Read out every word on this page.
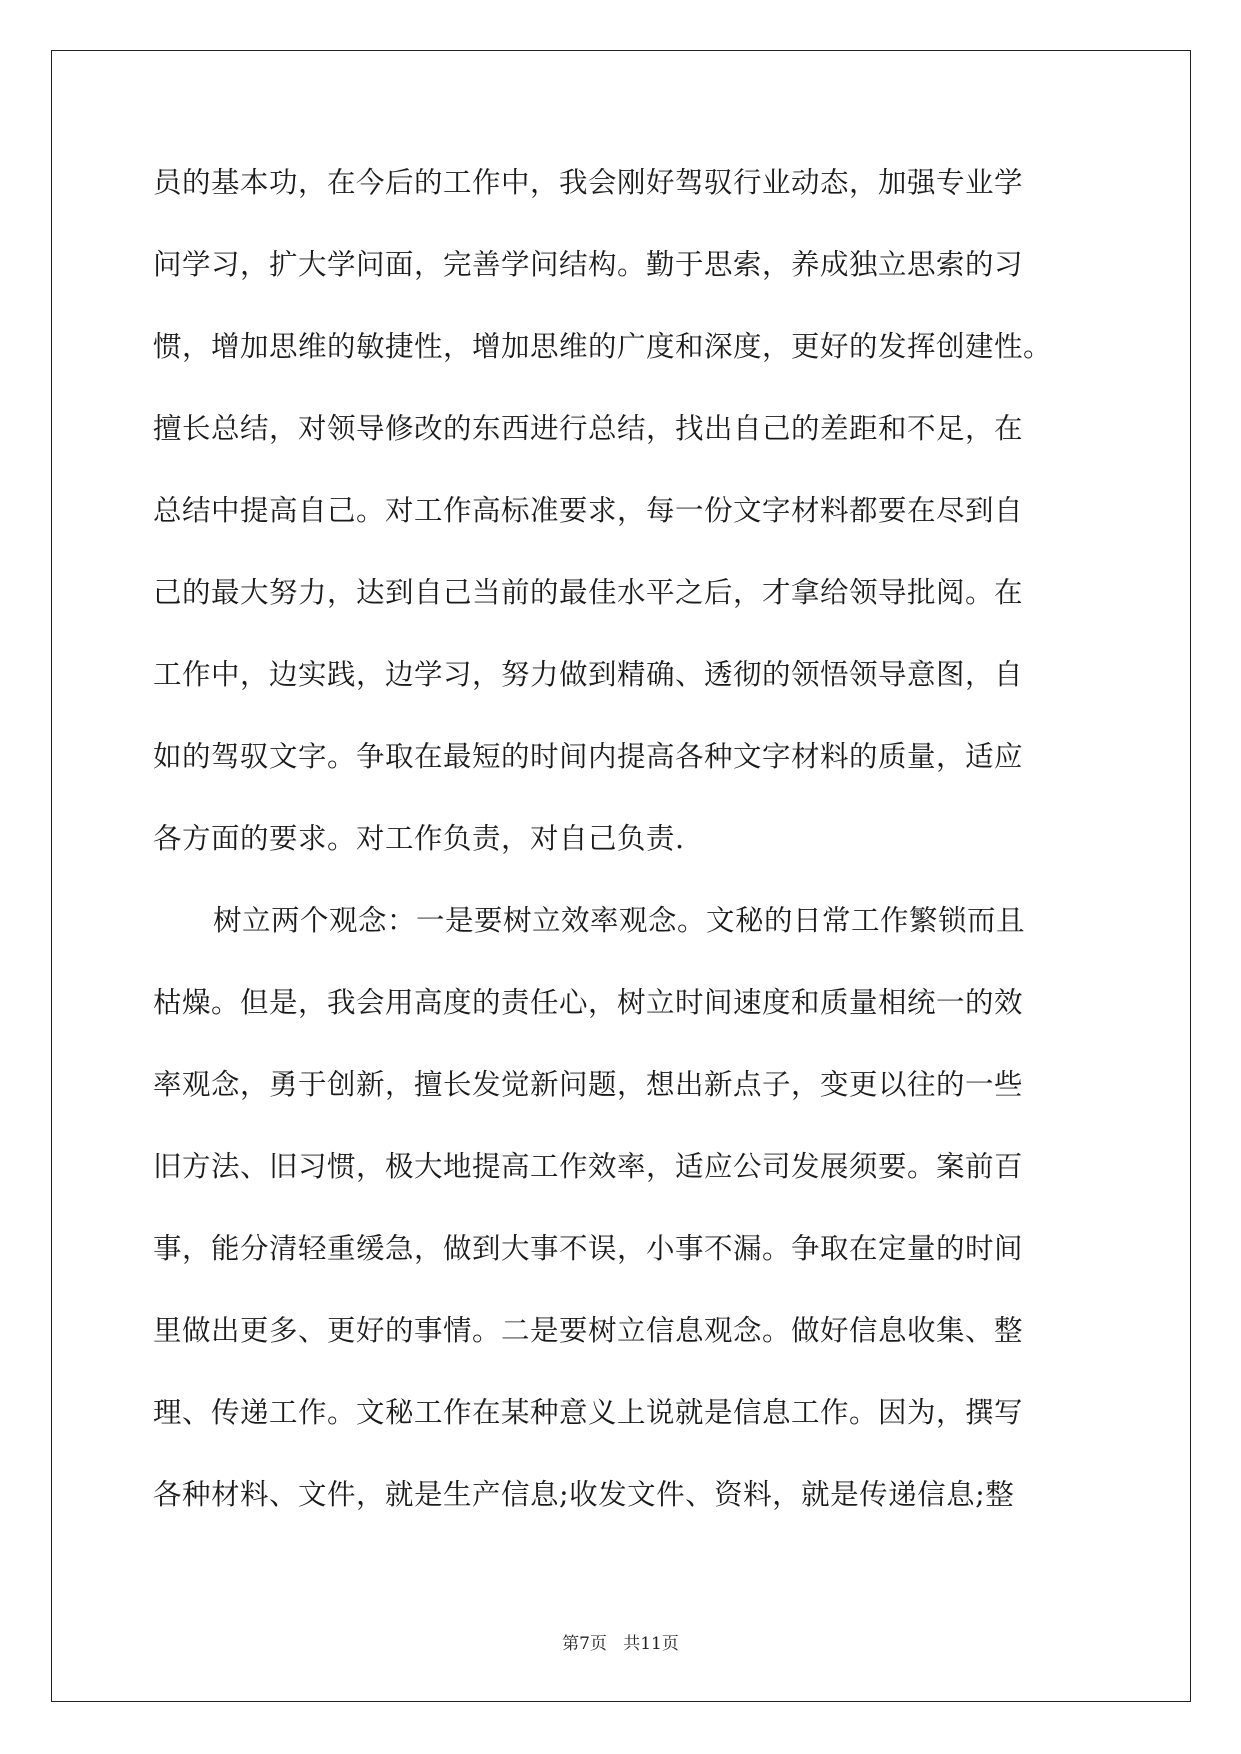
员的基本功，在今后的工作中，我会刚好驾驭行业动态，加强专业学
问学习，扩大学问面，完善学问结构。勤于思索，养成独立思索的习
惯，增加思维的敏捷性，增加思维的广度和深度，更好的发挥创建性。
擅长总结，对领导修改的东西进行总结，找出自己的差距和不足，在
总结中提高自己。对工作高标准要求，每一份文字材料都要在尽到自
己的最大努力，达到自己当前的最佳水平之后，才拿给领导批阅。在
工作中，边实践，边学习，努力做到精确、透彻的领悟领导意图，自
如的驾驭文字。争取在最短的时间内提高各种文字材料的质量，适应
各方面的要求。对工作负责，对自己负责.
树立两个观念：一是要树立效率观念。文秘的日常工作繁锁而且
枯燥。但是，我会用高度的责任心，树立时间速度和质量相统一的效
率观念，勇于创新，擅长发觉新问题，想出新点子，变更以往的一些
旧方法、旧习惯，极大地提高工作效率，适应公司发展须要。案前百
事，能分清轻重缓急，做到大事不误，小事不漏。争取在定量的时间
里做出更多、更好的事情。二是要树立信息观念。做好信息收集、整
理、传递工作。文秘工作在某种意义上说就是信息工作。因为，撰写
各种材料、文件，就是生产信息;收发文件、资料，就是传递信息;整
第7页 共11页
